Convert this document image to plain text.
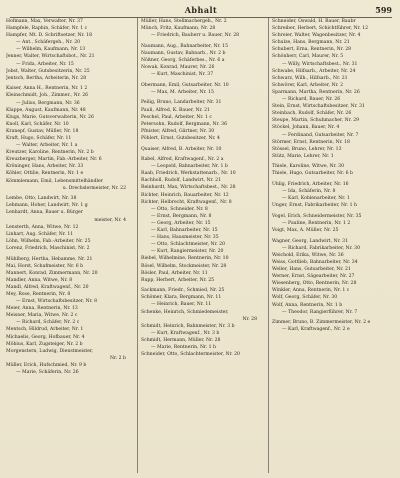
Abhalt	599
Hofmann, Max, Verwalter, Nr. 37
Hampfele, Raphin, Schäfer, Nr. 1 c
Hampfer, Mt. D. Schriftsetzer, Nr. 18
— Ant., Schäfergeh., Nr. 20
— Wilhelm, Kaufmann, Nr. 13
Jenner, Walter, Wirtschaftsbot., Nr. 21
— Frida, Arbeiter, Nr. 15
Jobst, Walter, Gutsbesitzerin, Nr. 25
Jentsch, Bertha, Arbeiterin, Nr. 28
Kaiser, Anna H., Rentnerin, Nr. 1 2
Kleinschmidt, Joh., Zimmer., Nr. 26
— Julius, Bergmann, Nr. 36
Klappe, August, Kaufmann, Nr. 48
Klugs, Marie, Gutsverwalterin, Nr. 26
Knoll, Karl, Schäfer, Nr. 10
Kranepf, Gustav, Müller, Nr. 18
Kraft, Hugo, Schäfer, Nr. 11
— Walter, Arbeiter, Nr. 1 a
Kreutzer, Karoline, Rentnerin, Nr. 2 b
Kreuzberger, Martin, Fab.-Arbeiter, Nr. 6
Kröninger, Hans, Arbeiter, Nr. 33
Köhler, Ottilie, Rentnerin, Nr. 1 e
Kömmlemann, Emil, Lebensmittelhändler
u. Drechslermeister, Nr. 22
Lembe, Otto, Landwirt, Nr. 38
Lehmann, Hoher, Landwirt, Nr. 1 g
Lenhardt, Anna, Bauer u. Bürger
meister, Nr. 4
Lensterth, Anna, Witwe, Nr. 12
Linhart, Aug. Schäfer, Nr. 11
Löhn, Wilhelm, Fab.-Arbeiter, Nr. 25
Lorenz, Friedrich, Maschinist, Nr. 2
Mühlberg, Hertha, Hebamme, Nr. 21
Mai, Horst, Schafmeister, Nr. 6 b
Mannert, Konrad, Zimmermann, Nr. 20
Mandler, Anna, Witwe, Nr. 8
Mandl, Alfred, Kraftwagenf., Nr. 20
Mey, Rose, Rentnerin, Nr. 8
— Ernst, Wirtschaftsbesitzer, Nr. 8
Meier, Anna, Rentnerin, Nr. 13
Meisner, Maria, Witwe, Nr. 2 c
— Richard, Schäfer, Nr. 2 c
Mentsch, Hildrud, Arbeiter, Nr. 1
Michaelis, Georg, Hofbauer, Nr. 4
Möbius, Karl, Zugsteiger, Nr. 2 b
Morgenstern, Ludwig, Dienstmeister,
Nr. 2 b
Müller, Erich, Hufschmied, Nr. 9 b
— Marie, Schäferin, Nr. 26
Müller, Hans, Stellmachergeh., Nr. 2
Münch, Fritz, Kaufmann, Nr. 28
— Friedrich, Bauherr u. Bauer, Nr. 28
Naumann, Aug., Bahnarbeiter, Nr. 15
Naumann, Gustav, Bahnarb., Nr. 2 b
Nößner, Georg, Schäferbes., Nr. 6 a
Nowak, Konrad, Maurer, Nr. 26
— Kurt, Maschinist, Nr. 37
Obermann, Emil, Gutsarbeiter, Nr. 10
— Max, M. Arbeiter, Nr. 15
Peilig, Bruno, Landarbeiter, Nr. 31
Pauli, Alfred, K. Bauer, Nr. 21
Peschel, Paul, Arbeiter, Nr. 1 c
Petersohn, Rudolf, Bergmann, Nr. 36
Pfnister, Alfred, Gärtner, Nr. 30
Pöhlert, Ernst, Gutsbesitzer, Nr. 4
Quaiser, Alfred, B. Arbeiter, Nr. 10
Rabel, Alfred, Kraftwagenf., Nr. 2 a
— Leopold, Bahnarbeiter, Nr. 1 b
Raab, Friedrich, Werkstattenarb., Nr. 10
Rachholl, Rudolf, Landwirt, Nr. 21
Reinhardt, Max, Wirtschaftsbest., Nr. 28
Richter, Heinrich, Bauarbeiter, Nr. 12
Richter, Helbrecht, Kraftwagenf., Nr. 8
— Otto, Schneider, Nr. 8
— Ernst, Bergmann, Nr. 8
— Georg, Arbeiter, Nr. 15
— Karl, Bahnarbeiter, Nr. 15
— Hans, Hausmeister, Nr. 35
— Otto, Schlachtmeister, Nr. 20
— Kurt, Rangiermeister, Nr. 20
Riebel, Wilhelmine, Rentnerin, Nr. 10
Rösel, Wilhelm, Stockmeister, Nr. 28
Rösler, Paul, Arbeiter, Nr. 11
Rupp, Herbert, Arbeiter, Nr. 25
Sackmann, Friedr., Schmied, Nr. 25
Schömer, Klara, Bergmann, Nr. 11
— Heinrich, Bauer, Nr. 11
Schenke, Heinrich, Schmiedemeister,
Nr. 28
Schmidt, Heinrich, Bahnmeister, Nr. 3 b
— Kurt, Kraftwagenf., Nr. 3 b
Schmidt, Hermann, Müller, Nr. 28
— Marie, Rentnerin, Nr. 1 h
Schneider, Otto, Schlachtermeister, Nr. 20
Schneider, Oswald, H. Bauer, Baubr
Schreiber, Herbert, Schichtführer, Nr. 12
Schreier, Walter, Wagenbesitzer, Nr. 4
Schulze, Hans, Bergmann, Nr. 21
Schubert, Erna, Rentnerin, Nr. 28
Schönherr, Carl, Maurer, Nr. 5
— Willy, Wirtschaftsbest., Nr. 31
Schwabe, Hilfsarb., Arbeiter, Nr. 24
Schwarz, Wilh., Hilfsarb., Nr. 21
Schwörer, Karl, Arbeiter, Nr. 2
Sparmann, Martha, Rentnerin, Nr. 26
— Richard, Bauer, Nr. 26
Stein, Ernst, Wirtschaftsbesitzer, Nr. 31
Steinbach, Rudolf, Schäfer, Nr. 26
Steupe, Martin, Schuhmacher, Nr. 29
Stöckel, Johann, Bauer, Nr. 4
— Ferdinand, Gutsarbeiter, Nr. 7
Störmer, Ernst, Rentnerin, Nr. 18
Stössel, Bruno, Lehrer, Nr. 13
Stütz, Marie, Lehrer, Nr. 1
Thiele, Karoline, Witwe, Nr. 30
Thiele, Hugo, Gutsarbeiter, Nr. 6 b
Uhlig, Friedrich, Arbeiter, Nr. 16
— Ida, Schäferin, Nr. 8
— Karl, Kohlenarbeiter, Nr. 1
Unger, Ernst, Fabrikarbeiter, Nr. 1 h
Vogel, Erich, Schneidermeister, Nr. 35
— Pauline, Rentnerin, Nr. 1 2
Voigt, Max, A. Müller, Nr. 25
Wagner, Georg, Landwirt, Nr. 31
— Richard, Fabrikarbeiter, Nr. 30
Weichold, Erika, Witwe, Nr. 36
Weiss, Gottlieb, Bahnarbeiter, Nr. 34
Weller, Hans, Gutsarbeiter, Nr. 21
Werner, Ernst, Sägearbeiter, Nr. 27
Wiesenberg, Otto, Rentnerin, Nr. 28
Winkler, Anna, Rentnerin, Nr. 1 c
Wolf, Georg, Schäfer, Nr. 30
Wolf, Anna, Rentnerin, Nr. 1 b
— Theodor, Rangierführer, Nr. 7
Zimmer, Bruno, B. Zimmermeister, Nr. 2 e
— Karl, Kraftwagenf., Nr. 2 e
